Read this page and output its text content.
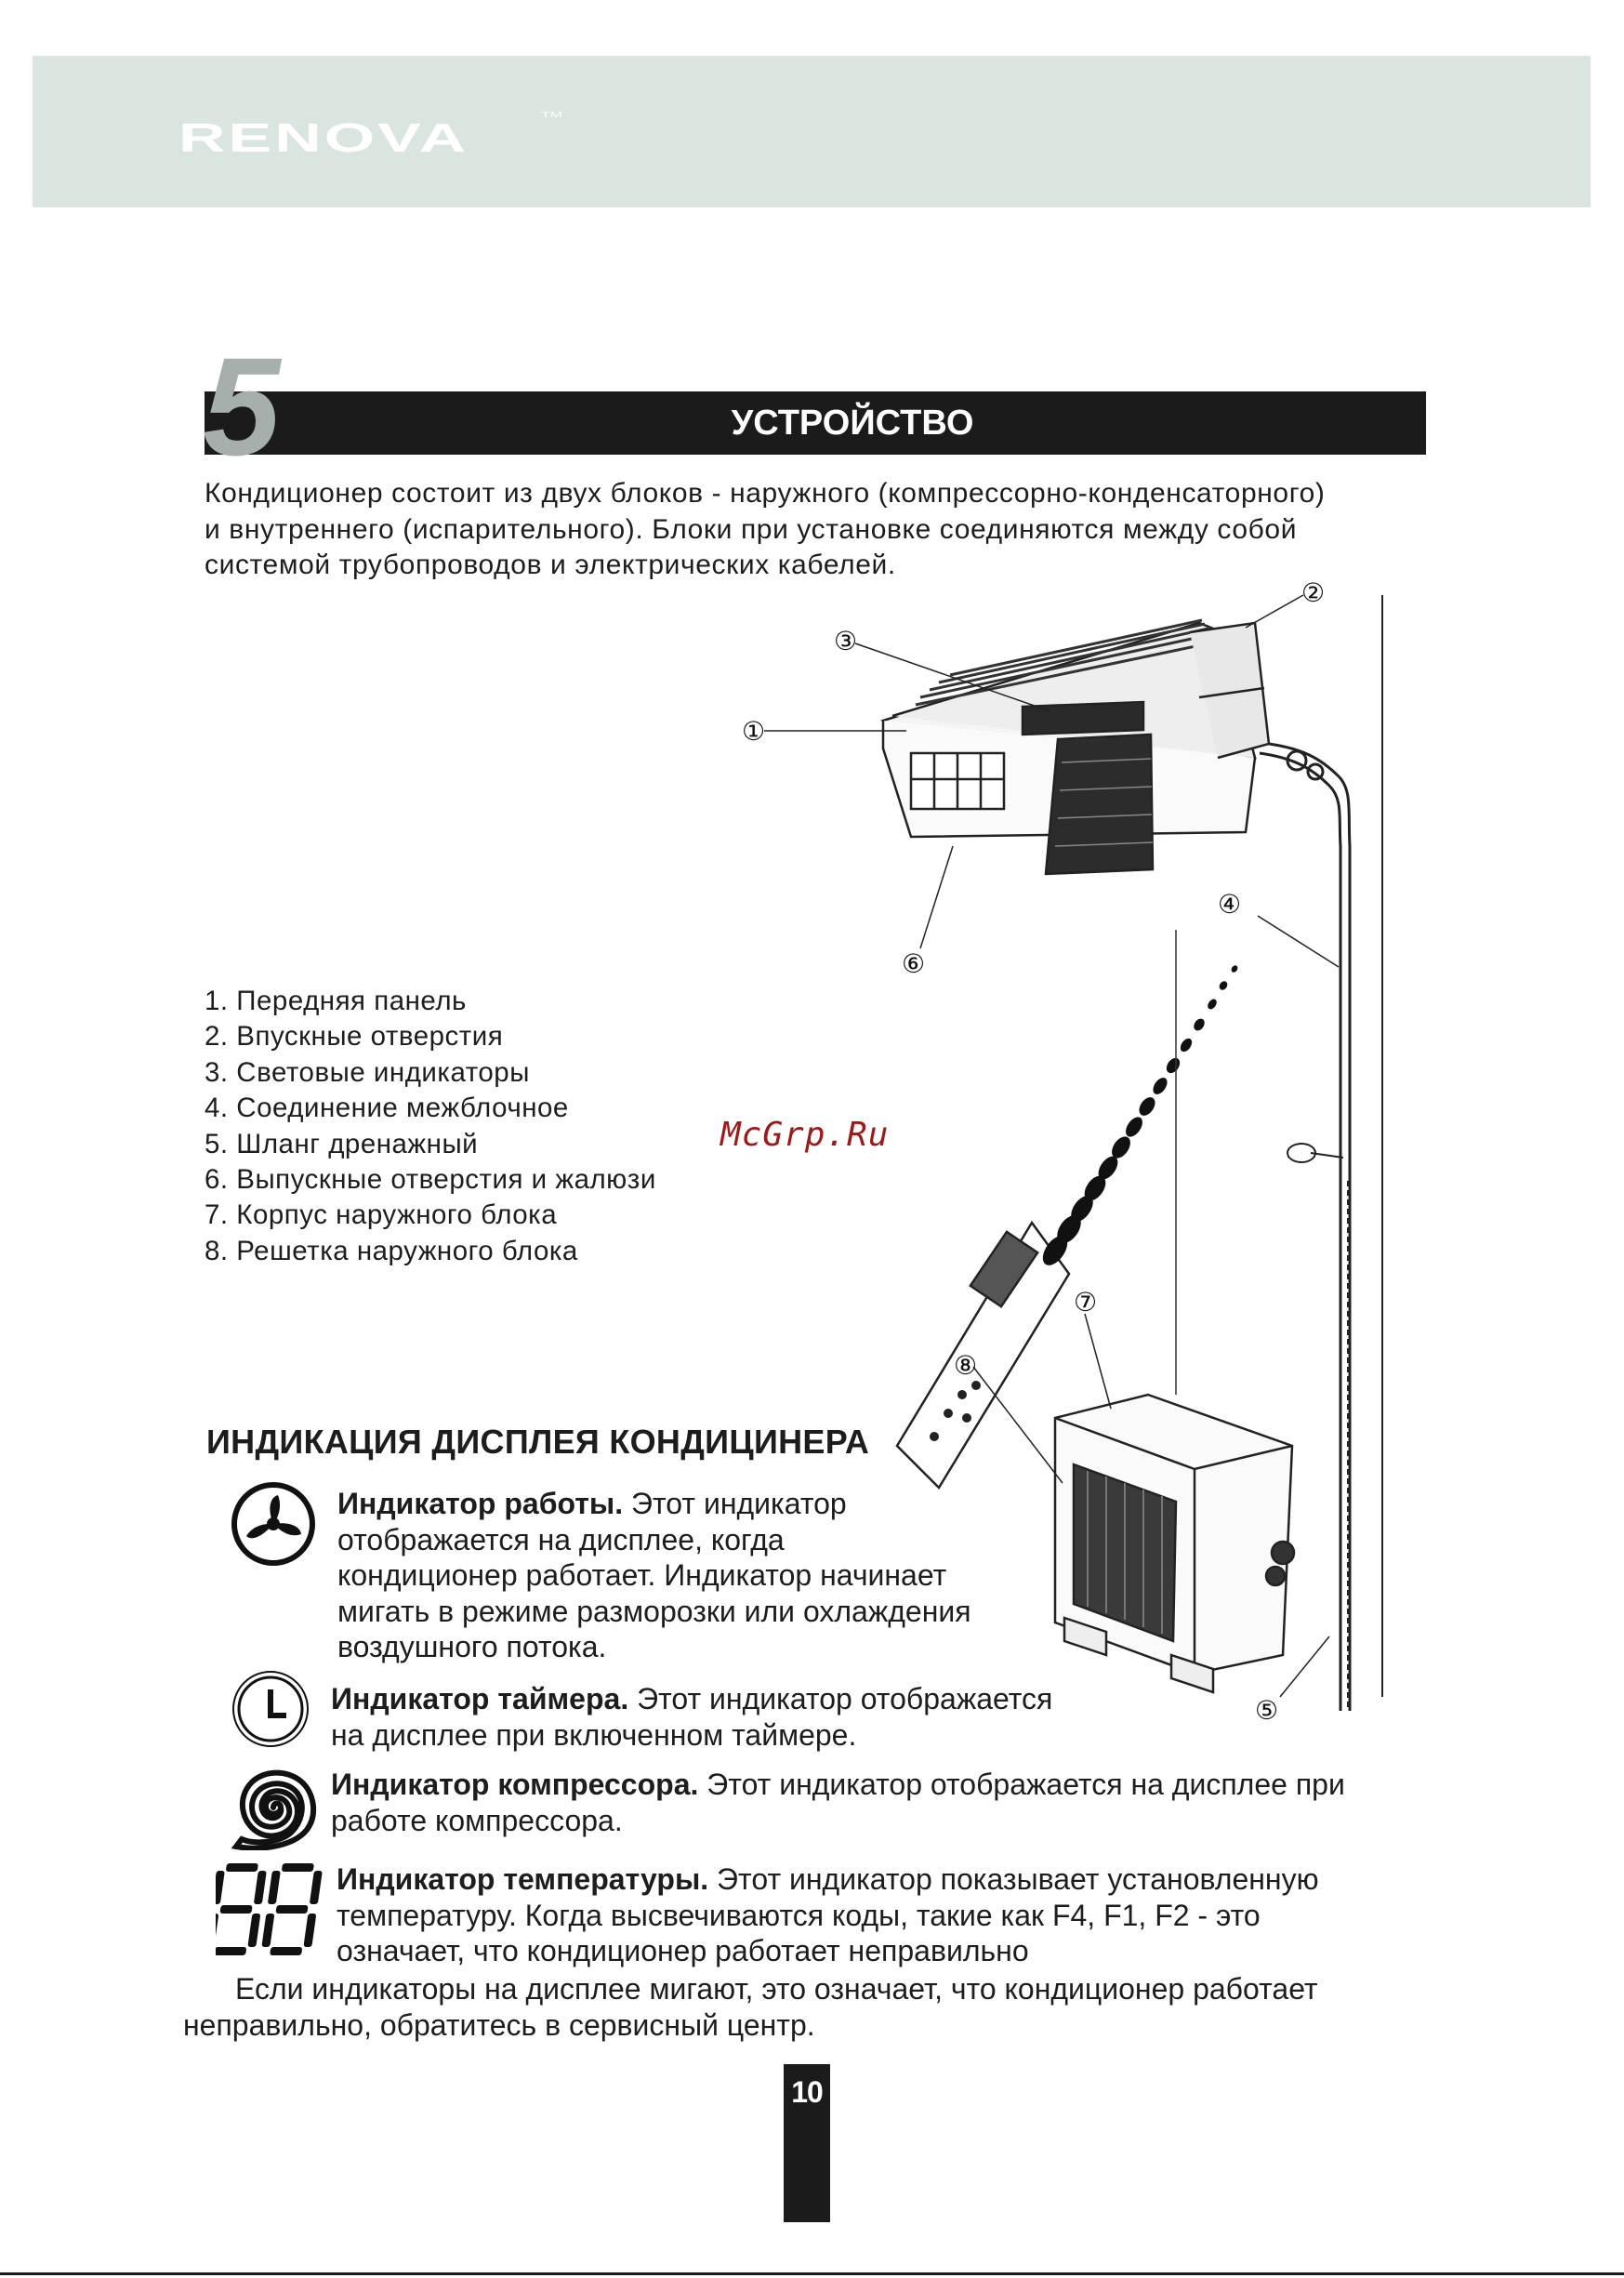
RENOVA
TM
5	УСТРОЙСТВО

Кондиционер состоит из двух блоков - наружного (компрессорно-конденсаторного)

и внутреннего (испарительного). Блоки при установке соединяются между собой

системой трубопроводов и электрических кабелей.

1. Передняя панель
2. Впускные отверстия
3. Световые индикаторы
4. Соединение межблочное
5. Шланг дренажный
6. Выпускные отверстия и жалюзи
7. Корпус наружного блока
8. Решетка наружного блока
①
②
③
④
⑤
⑥
⑦
⑧
McGrp.Ru
ИНДИКАЦИЯ ДИСПЛЕЯ КОНДИЦИНЕРА
Индикатор работы. Этот индикатор
отображается на дисплее, когда
кондиционер работает. Индикатор начинает
мигать в режиме разморозки или охлаждения
воздушного потока.
Индикатор таймера. Этот индикатор отображается
на дисплее при включенном таймере.
Индикатор компрессора. Этот индикатор отображается на дисплее при
работе компрессора.
Индикатор температуры. Этот индикатор показывает установленную
температуру. Когда высвечиваются коды, такие как F4, F1, F2 - это
означает, что кондиционер работает неправильно
Если индикаторы на дисплее мигают, это означает, что кондиционер работает
неправильно, обратитесь в сервисный центр.
10
